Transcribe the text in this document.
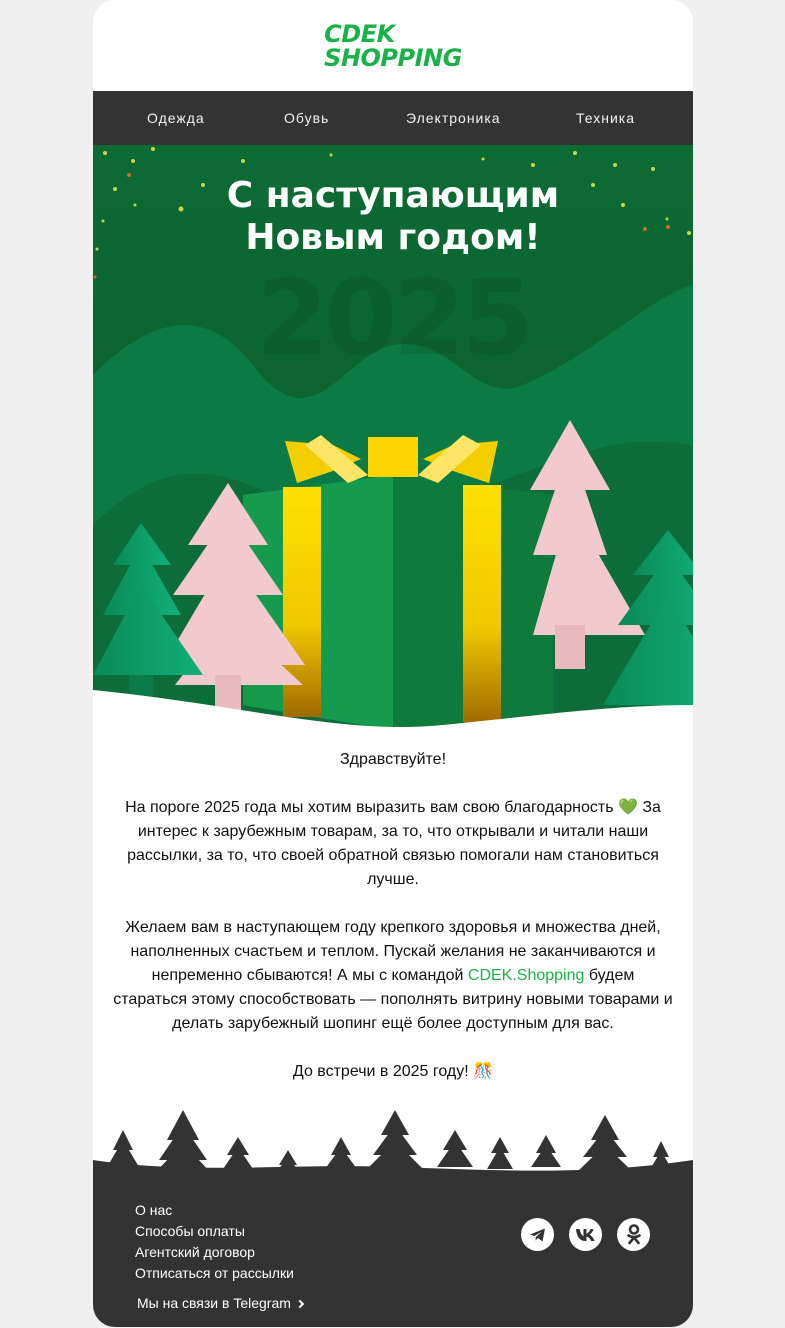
CDEK
SHOPPING
Одежда	Обувь	Электроника	Техника
2025
С наступающим
Новым годом!

Здравствуйте!

На пороге 2025 года мы хотим выразить вам свою благодарность 💚 За интерес к зарубежным товарам, за то, что открывали и читали наши рассылки, за то, что своей обратной связью помогали нам становиться лучше.

Желаем вам в наступающем году крепкого здоровья и множества дней, наполненных счастьем и теплом. Пускай желания не заканчиваются и непременно сбываются! А мы с командой CDEK.Shopping будем стараться этому способствовать — пополнять витрину новыми товарами и делать зарубежный шопинг ещё более доступным для вас.

До встречи в 2025 году! 🎊

О нас
Способы оплаты
Агентский договор
Отписаться от рассылки
Мы на связи в Telegram
